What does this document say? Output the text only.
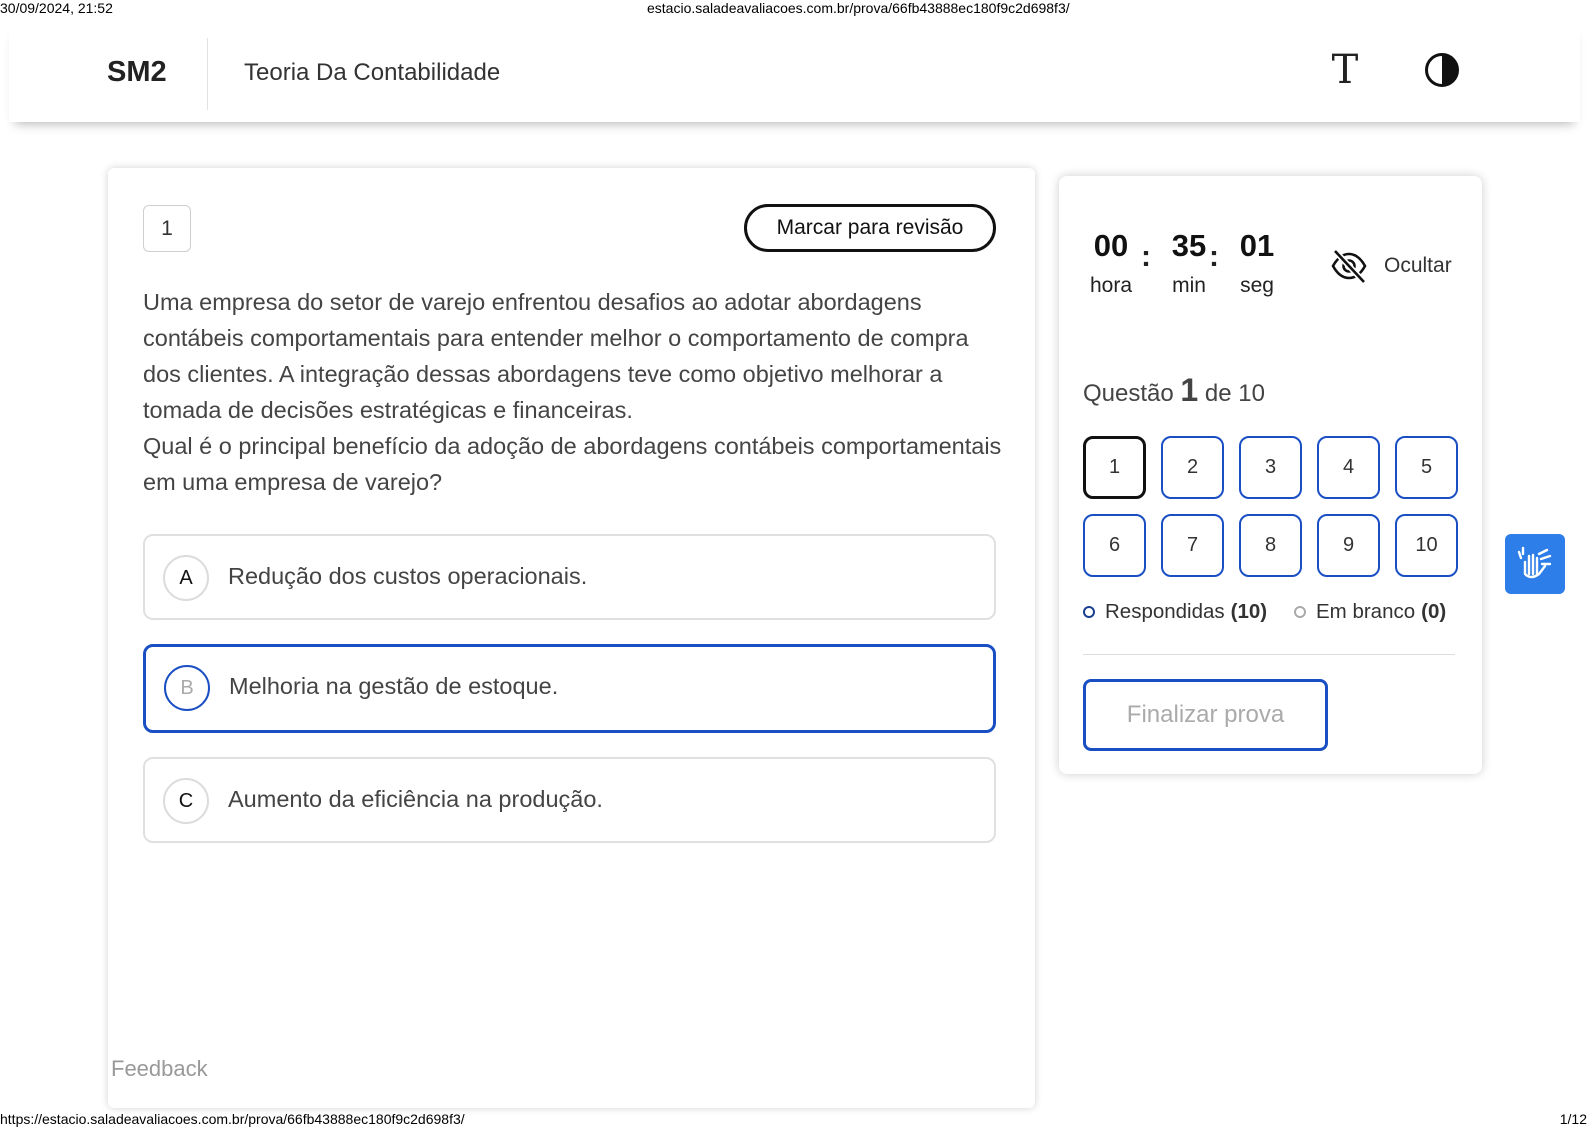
30/09/2024, 21:52	estacio.saladeavaliacoes.com.br/prova/66fb43888ec180f9c2d698f3/
SM2	Teoria Da Contabilidade	T
1	Marcar para revisão

Uma empresa do setor de varejo enfrentou desafios ao adotar abordagens contábeis comportamentais para entender melhor o comportamento de compra dos clientes. A integração dessas abordagens teve como objetivo melhorar a tomada de decisões estratégicas e financeiras.

Qual é o principal benefício da adoção de abordagens contábeis comportamentais em uma empresa de varejo?

A	Redução dos custos operacionais.
B	Melhoria na gestão de estoque.
C	Aumento da eficiência na produção.
00
hora
: 35
min
: 01
seg
Ocultar
Questão 1 de 10
1	2	3	4	5
6	7	8	9	10
Respondidas (10) Em branco (0)
Finalizar prova
Feedback
https://estacio.saladeavaliacoes.com.br/prova/66fb43888ec180f9c2d698f3/	1/12
